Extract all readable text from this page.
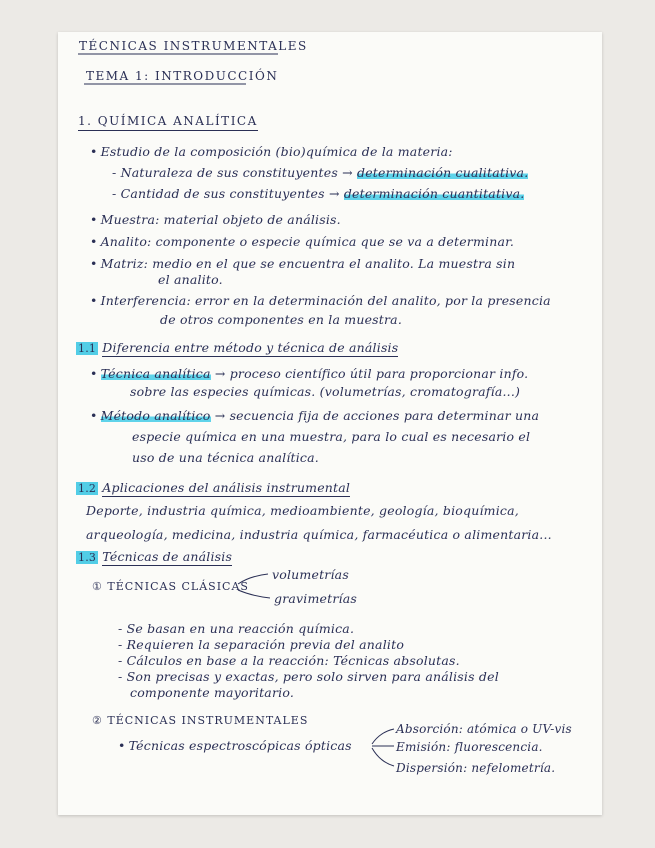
TÉCNICAS INSTRUMENTALES
TEMA 1: INTRODUCCIÓN
1. QUÍMICA ANALÍTICA
• Estudio de la composición (bio)química de la materia:
- Naturaleza de sus constituyentes → determinación cualitativa.
- Cantidad de sus constituyentes → determinación cuantitativa.
• Muestra: material objeto de análisis.
• Analito: componente o especie química que se va a determinar.
• Matriz: medio en el que se encuentra el analito. La muestra sin
el analito.
• Interferencia: error en la determinación del analito, por la presencia
de otros componentes en la muestra.
1.1 Diferencia entre método y técnica de análisis
• Técnica analítica → proceso científico útil para proporcionar info.
sobre las especies químicas. (volumetrías, cromatografía...)
• Método analítico → secuencia fija de acciones para determinar una
especie química en una muestra, para lo cual es necesario el
uso de una técnica analítica.
1.2 Aplicaciones del análisis instrumental
Deporte, industria química, medioambiente, geología, bioquímica,
arqueología, medicina, industria química, farmacéutica o alimentaria...
1.3 Técnicas de análisis
① TÉCNICAS CLÁSICAS
volumetrías
gravimetrías
- Se basan en una reacción química.
- Requieren la separación previa del analito
- Cálculos en base a la reacción: Técnicas absolutas.
- Son precisas y exactas, pero solo sirven para análisis del
componente mayoritario.
② TÉCNICAS INSTRUMENTALES
• Técnicas espectroscópicas ópticas
Absorción: atómica o UV-vis
Emisión: fluorescencia.
Dispersión: nefelometría.
